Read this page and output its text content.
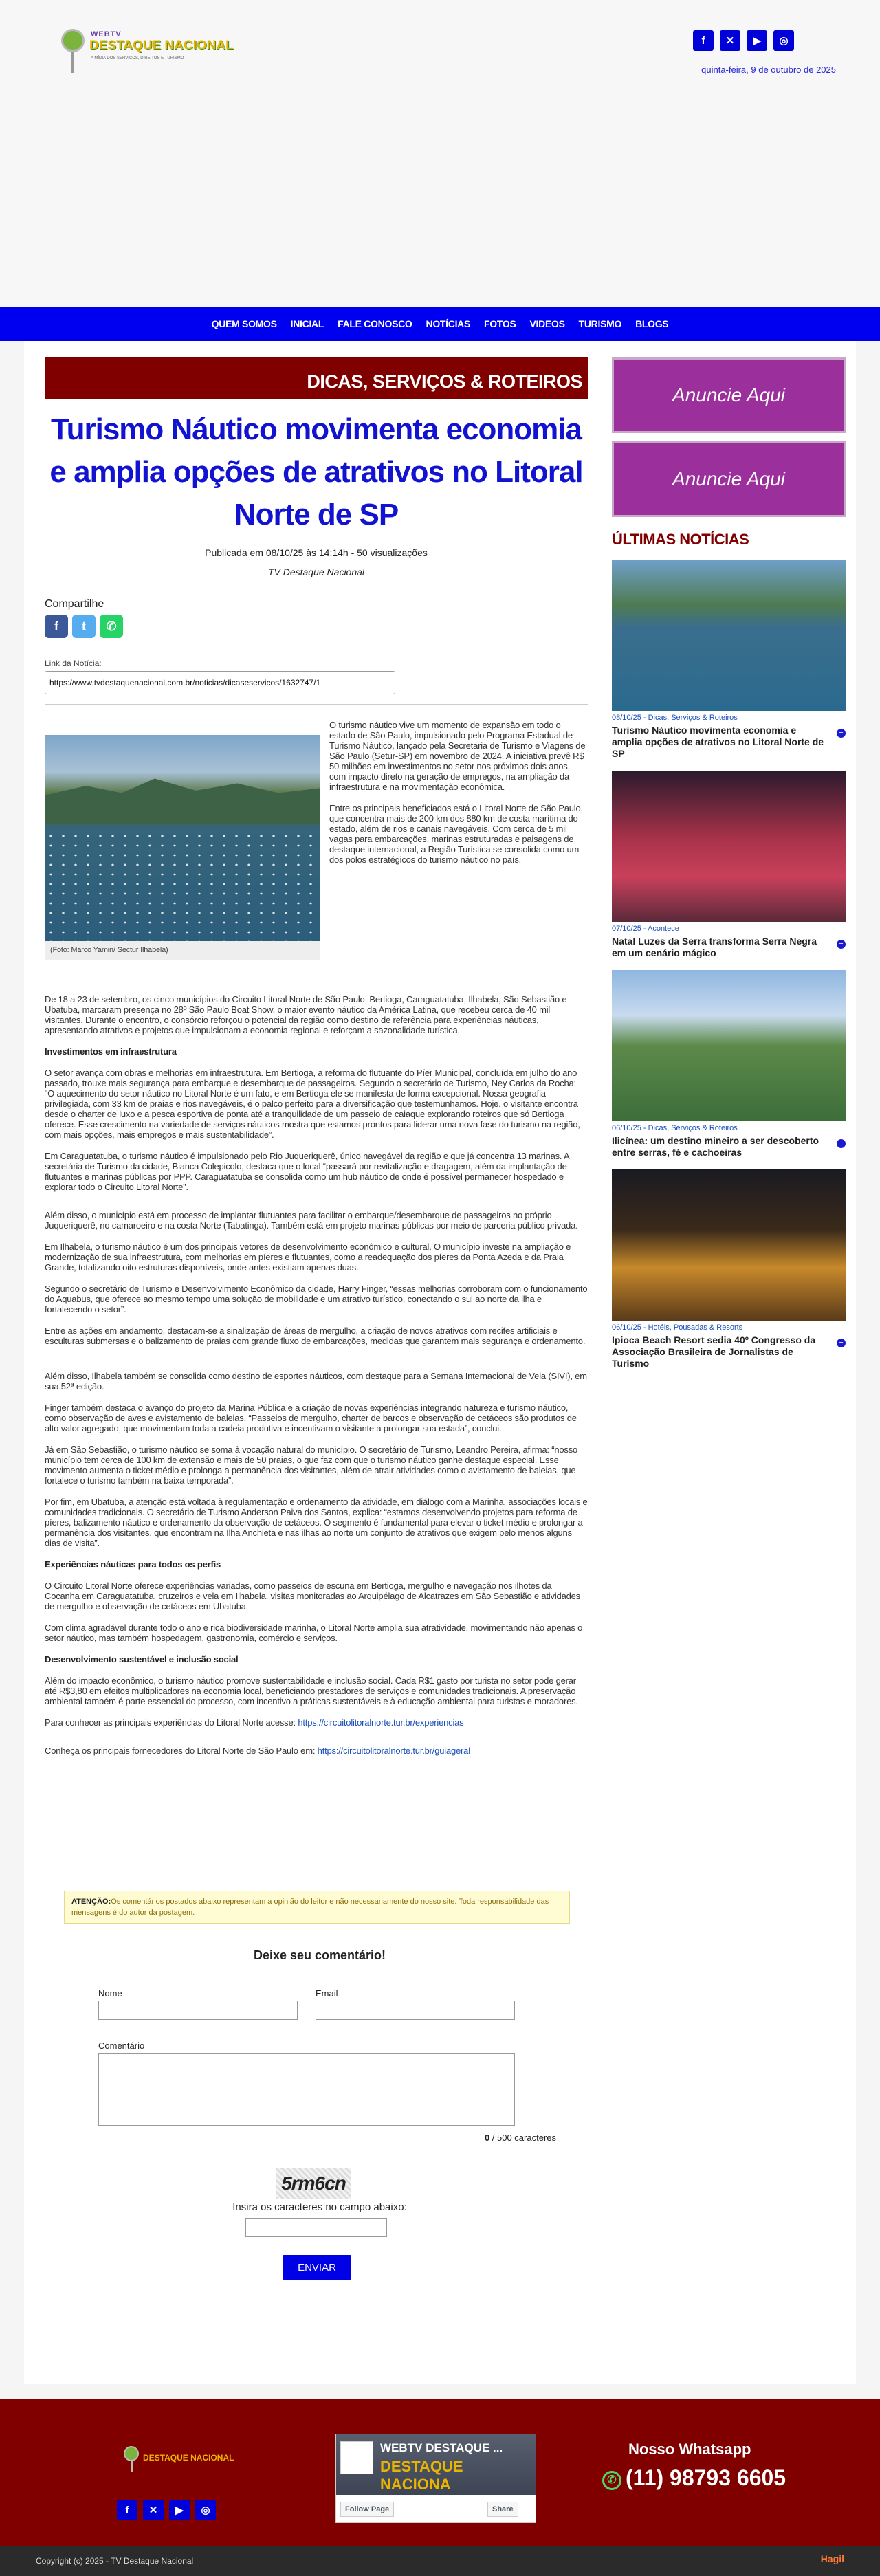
WEBTV
DESTAQUE NACIONAL
A MÍDIA DOS SERVIÇOS, DIREITOS E TURISMO
f	✕	▶	◎
quinta-feira, 9 de outubro de 2025
QUEM SOMOS INICIAL FALE CONOSCO NOTÍCIAS FOTOS VIDEOS TURISMO BLOGS
DICAS, SERVIÇOS & ROTEIROS
Turismo Náutico movimenta economia e amplia opções de atrativos no Litoral Norte de SP
Publicada em 08/10/25 às 14:14h - 50 visualizações
TV Destaque Nacional
Compartilhe
f	t	✆
Link da Notícia:
https://www.tvdestaquenacional.com.br/noticias/dicaseservicos/1632747/1
(Foto: Marco Yamin/ Sectur Ilhabela)

O turismo náutico vive um momento de expansão em todo o estado de São Paulo, impulsionado pelo Programa Estadual de Turismo Náutico, lançado pela Secretaria de Turismo e Viagens de São Paulo (Setur-SP) em novembro de 2024. A iniciativa prevê R$ 50 milhões em investimentos no setor nos próximos dois anos, com impacto direto na geração de empregos, na ampliação da infraestrutura e na movimentação econômica.

Entre os principais beneficiados está o Litoral Norte de São Paulo, que concentra mais de 200 km dos 880 km de costa marítima do estado, além de rios e canais navegáveis. Com cerca de 5 mil vagas para embarcações, marinas estruturadas e paisagens de destaque internacional, a Região Turística se consolida como um dos polos estratégicos do turismo náutico no país.

De 18 a 23 de setembro, os cinco municípios do Circuito Litoral Norte de São Paulo, Bertioga, Caraguatatuba, Ilhabela, São Sebastião e Ubatuba, marcaram presença no 28º São Paulo Boat Show, o maior evento náutico da América Latina, que recebeu cerca de 40 mil visitantes. Durante o encontro, o consórcio reforçou o potencial da região como destino de referência para experiências náuticas, apresentando atrativos e projetos que impulsionam a economia regional e reforçam a sazonalidade turística.

Investimentos em infraestrutura

O setor avança com obras e melhorias em infraestrutura. Em Bertioga, a reforma do flutuante do Píer Municipal, concluída em julho do ano passado, trouxe mais segurança para embarque e desembarque de passageiros. Segundo o secretário de Turismo, Ney Carlos da Rocha: “O aquecimento do setor náutico no Litoral Norte é um fato, e em Bertioga ele se manifesta de forma excepcional. Nossa geografia privilegiada, com 33 km de praias e rios navegáveis, é o palco perfeito para a diversificação que testemunhamos. Hoje, o visitante encontra desde o charter de luxo e a pesca esportiva de ponta até a tranquilidade de um passeio de caiaque explorando roteiros que só Bertioga oferece. Esse crescimento na variedade de serviços náuticos mostra que estamos prontos para liderar uma nova fase do turismo na região, com mais opções, mais empregos e mais sustentabilidade”.

Em Caraguatatuba, o turismo náutico é impulsionado pelo Rio Juqueriquerê, único navegável da região e que já concentra 13 marinas. A secretária de Turismo da cidade, Bianca Colepicolo, destaca que o local “passará por revitalização e dragagem, além da implantação de flutuantes e marinas públicas por PPP. Caraguatatuba se consolida como um hub náutico de onde é possível permanecer hospedado e explorar todo o Circuito Litoral Norte”.

Além disso, o município está em processo de implantar flutuantes para facilitar o embarque/desembarque de passageiros no próprio Juqueriquerê, no camaroeiro e na costa Norte (Tabatinga). Também está em projeto marinas públicas por meio de parceria público privada.

Em Ilhabela, o turismo náutico é um dos principais vetores de desenvolvimento econômico e cultural. O município investe na ampliação e modernização de sua infraestrutura, com melhorias em píeres e flutuantes, como a readequação dos píeres da Ponta Azeda e da Praia Grande, totalizando oito estruturas disponíveis, onde antes existiam apenas duas.

Segundo o secretário de Turismo e Desenvolvimento Econômico da cidade, Harry Finger, “essas melhorias corroboram com o funcionamento do Aquabus, que oferece ao mesmo tempo uma solução de mobilidade e um atrativo turístico, conectando o sul ao norte da ilha e fortalecendo o setor”.

Entre as ações em andamento, destacam-se a sinalização de áreas de mergulho, a criação de novos atrativos com recifes artificiais e esculturas submersas e o balizamento de praias com grande fluxo de embarcações, medidas que garantem mais segurança e ordenamento.

Além disso, Ilhabela também se consolida como destino de esportes náuticos, com destaque para a Semana Internacional de Vela (SIVI), em sua 52ª edição.

Finger também destaca o avanço do projeto da Marina Pública e a criação de novas experiências integrando natureza e turismo náutico, como observação de aves e avistamento de baleias. “Passeios de mergulho, charter de barcos e observação de cetáceos são produtos de alto valor agregado, que movimentam toda a cadeia produtiva e incentivam o visitante a prolongar sua estada”, conclui.

Já em São Sebastião, o turismo náutico se soma à vocação natural do município. O secretário de Turismo, Leandro Pereira, afirma: “nosso município tem cerca de 100 km de extensão e mais de 50 praias, o que faz com que o turismo náutico ganhe destaque especial. Esse movimento aumenta o ticket médio e prolonga a permanência dos visitantes, além de atrair atividades como o avistamento de baleias, que fortalece o turismo também na baixa temporada”.

Por fim, em Ubatuba, a atenção está voltada à regulamentação e ordenamento da atividade, em diálogo com a Marinha, associações locais e comunidades tradicionais. O secretário de Turismo Anderson Paiva dos Santos, explica: “estamos desenvolvendo projetos para reforma de píeres, balizamento náutico e ordenamento da observação de cetáceos. O segmento é fundamental para elevar o ticket médio e prolongar a permanência dos visitantes, que encontram na Ilha Anchieta e nas ilhas ao norte um conjunto de atrativos que exigem pelo menos alguns dias de visita”.

Experiências náuticas para todos os perfis

O Circuito Litoral Norte oferece experiências variadas, como passeios de escuna em Bertioga, mergulho e navegação nos ilhotes da Cocanha em Caraguatatuba, cruzeiros e vela em Ilhabela, visitas monitoradas ao Arquipélago de Alcatrazes em São Sebastião e atividades de mergulho e observação de cetáceos em Ubatuba.

Com clima agradável durante todo o ano e rica biodiversidade marinha, o Litoral Norte amplia sua atratividade, movimentando não apenas o setor náutico, mas também hospedagem, gastronomia, comércio e serviços.

Desenvolvimento sustentável e inclusão social

Além do impacto econômico, o turismo náutico promove sustentabilidade e inclusão social. Cada R$1 gasto por turista no setor pode gerar até R$3,80 em efeitos multiplicadores na economia local, beneficiando prestadores de serviços e comunidades tradicionais. A preservação ambiental também é parte essencial do processo, com incentivo a práticas sustentáveis e à educação ambiental para turistas e moradores.

Para conhecer as principais experiências do Litoral Norte acesse: https://circuitolitoralnorte.tur.br/experiencias

Conheça os principais fornecedores do Litoral Norte de São Paulo em: https://circuitolitoralnorte.tur.br/guiageral

Anuncie Aqui
Anuncie Aqui
ÚLTIMAS NOTÍCIAS
08/10/25 - Dicas, Serviços & Roteiros
Turismo Náutico movimenta economia e amplia opções de atrativos no Litoral Norte de SP
+
07/10/25 - Acontece
Natal Luzes da Serra transforma Serra Negra em um cenário mágico
+
06/10/25 - Dicas, Serviços & Roteiros
Ilicínea: um destino mineiro a ser descoberto entre serras, fé e cachoeiras
+
06/10/25 - Hotéis, Pousadas & Resorts
Ipioca Beach Resort sedia 40º Congresso da Associação Brasileira de Jornalistas de Turismo
+
ATENÇÃO:Os comentários postados abaixo representam a opinião do leitor e não necessariamente do nosso site. Toda responsabilidade das mensagens é do autor da postagem.
Deixe seu comentário!
Nome	Email
Comentário
0 / 500 caracteres
5rm6cn
Insira os caracteres no campo abaixo:
ENVIAR
DESTAQUE NACIONAL
f	✕	▶	◎
WEBTV DESTAQUE ...
DESTAQUE NACIONA
Follow Page	Share
Nosso Whatsapp
✆ (11) 98793 6605
Copyright (c) 2025 - TV Destaque Nacional	Hagil
